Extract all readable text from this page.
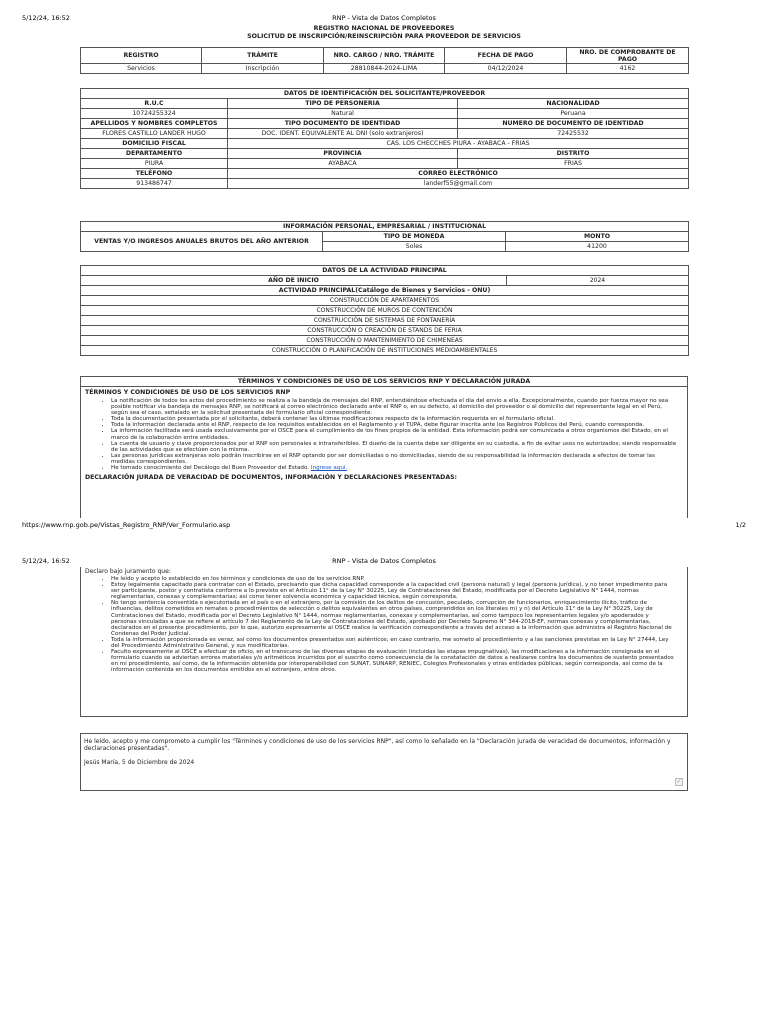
5/12/24, 16:52	RNP - Vista de Datos Completos
REGISTRO NACIONAL DE PROVEEDORES
SOLICITUD DE INSCRIPCIÓN/REINSCRIPCIÓN PARA PROVEEDOR DE SERVICIOS
REGISTRO	TRÁMITE	NRO. CARGO / NRO. TRÁMITE	FECHA DE PAGO	NRO. DE COMPROBANTE DE PAGO
Servicios	Inscripción	28810844-2024-LIMA	04/12/2024	4162
DATOS DE IDENTIFICACIÓN DEL SOLICITANTE/PROVEEDOR		
R.U.C	TIPO DE PERSONERIA	NACIONALIDAD
10724255324	Natural	Peruana
APELLIDOS Y NOMBRES COMPLETOS	TIPO DOCUMENTO DE IDENTIDAD	NUMERO DE DOCUMENTO DE IDENTIDAD
FLORES CASTILLO LANDER HUGO	DOC. IDENT. EQUIVALENTE AL DNI (solo extranjeros)	72425532
DOMICILIO FISCAL	CAS. LOS CHECCHES PIURA - AYABACA - FRIAS	
DEPARTAMENTO	PROVINCIA	DISTRITO
PIURA	AYABACA	FRIAS
TELÉFONO	CORREO ELECTRÓNICO	
913486747	landerf55@gmail.com	
INFORMACIÓN PERSONAL, EMPRESARIAL / INSTITUCIONAL		
VENTAS Y/O INGRESOS ANUALES BRUTOS DEL AÑO ANTERIOR	TIPO DE MONEDA	MONTO
	Soles	41200
DATOS DE LA ACTIVIDAD PRINCIPAL
AÑO DE INICIO	2024
ACTIVIDAD PRINCIPAL(Catálogo de Bienes y Servicios - ONU)
CONSTRUCCIÓN DE APARTAMENTOS
CONSTRUCCIÓN DE MUROS DE CONTENCIÓN
CONSTRUCCIÓN DE SISTEMAS DE FONTANERÍA
CONSTRUCCIÓN O CREACIÓN DE STANDS DE FERIA
CONSTRUCCIÓN O MANTENIMIENTO DE CHIMENEAS
CONSTRUCCIÓN O PLANIFICACIÓN DE INSTITUCIONES MEDIOAMBIENTALES
TÉRMINOS Y CONDICIONES DE USO DE LOS SERVICIOS RNP Y DECLARACIÓN JURADA
TÉRMINOS Y CONDICIONES DE USO DE LOS SERVICIOS RNP
• La notificación de todos los actos del procedimiento se realiza a la bandeja de mensajes del RNP, entendiéndose efectuada el día del envío a ella. Excepcionalmente, cuando por fuerza mayor no sea posible notificar vía bandeja de mensajes RNP, se notificará al correo electrónico declarado ante el RNP o, en su defecto, al domicilio del proveedor o al domicilio del representante legal en el Perú, según sea el caso, señalado en la solicitud presentada del formulario oficial correspondiente.
• Toda la documentación presentada por el solicitante, deberá contener las últimas modificaciones respecto de la información requerida en el formulario oficial.
• Toda la información declarada ante el RNP, respecto de los requisitos establecidos en el Reglamento y el TUPA, debe figurar inscrita ante los Registros Públicos del Perú, cuando corresponda.
• La información facilitada será usada exclusivamente por el OSCE para el cumplimiento de los fines propios de la entidad. Esta información podrá ser comunicada a otros organismos del Estado, en el marco de la colaboración entre entidades.
• La cuenta de usuario y clave proporcionados por el RNP son personales e intransferibles. El dueño de la cuenta debe ser diligente en su custodia, a fin de evitar usos no autorizados; siendo responsable de las actividades que se efectúen con la misma.
• Las personas jurídicas extranjeras solo podrán inscribirse en el RNP optando por ser domiciliadas o no domiciliadas, siendo de su responsabilidad la información declarada a efectos de tomar las medidas correspondientes.
• He tomado conocimiento del Decálogo del Buen Proveedor del Estado. Ingrese aquí.
DECLARACIÓN JURADA DE VERACIDAD DE DOCUMENTOS, INFORMACIÓN Y DECLARACIONES PRESENTADAS:
https://www.rnp.gob.pe/Vistas_Registro_RNP/Ver_Formulario.asp	1/2
5/12/24, 16:52	RNP - Vista de Datos Completos
Declaro bajo juramento que:
• He leído y acepto lo establecido en los términos y condiciones de uso de los servicios RNP.
• Estoy legalmente capacitado para contratar con el Estado, precisando que dicha capacidad corresponde a la capacidad civil (persona natural) y legal (persona jurídica), y no tener impedimento para ser participante, postor y contratista conforme a lo previsto en el Artículo 11° de la Ley N° 30225, Ley de Contrataciones del Estado, modificada por el Decreto Legislativo N° 1444, normas reglamentarias, conexas y complementarias; así como tener solvencia económica y capacidad técnica, según corresponda.
• No tengo sentencia consentida o ejecutoriada en el país o en el extranjero, por la comisión de los delitos de concusión, peculado, corrupción de funcionarios, enriquecimiento ilícito, tráfico de influencias, delitos cometidos en remates o procedimientos de selección o delitos equivalentes en otros países, comprendidos en los literales m) y n) del Artículo 11° de la Ley N° 30225, Ley de Contrataciones del Estado, modificada por el Decreto Legislativo N° 1444, normas reglamentarias, conexas y complementarias, así como tampoco los representantes legales y/o apoderados y personas vinculadas a que se refiere el artículo 7 del Reglamento de la Ley de Contrataciones del Estado, aprobado por Decreto Supremo N° 344-2018-EF, normas conexas y complementarias, declarados en el presente procedimiento, por lo que, autorizo expresamente al OSCE realice la verificación correspondiente a través del acceso a la información que administra el Registro Nacional de Condenas del Poder Judicial.
• Toda la información proporcionada es veraz, así como los documentos presentados son auténticos; en caso contrario, me someto al procedimiento y a las sanciones previstas en la Ley N° 27444, Ley del Procedimiento Administrativo General, y sus modificatorias.
• Faculto expresamente al OSCE a efectuar de oficio, en el transcurso de las diversas etapas de evaluación (incluidas las etapas impugnativas), las modificaciones a la información consignada en el formulario cuando se adviertan errores materiales y/o aritméticos incurridos por el suscrito como consecuencia de la constatación de datos a realizarse contra los documentos de sustento presentados en mi procedimiento, así como, de la información obtenida por interoperabilidad con SUNAT, SUNARP, RENIEC, Colegios Profesionales y otras entidades públicas, según corresponda, así como de la información contenida en los documentos emitidos en el extranjero, entre otros.
He leído, acepto y me comprometo a cumplir los "Términos y condiciones de uso de los servicios RNP", así como lo señalado en la "Declaración jurada de veracidad de documentos, información y declaraciones presentadas".
Jesús María, 5 de Diciembre de 2024
✓
